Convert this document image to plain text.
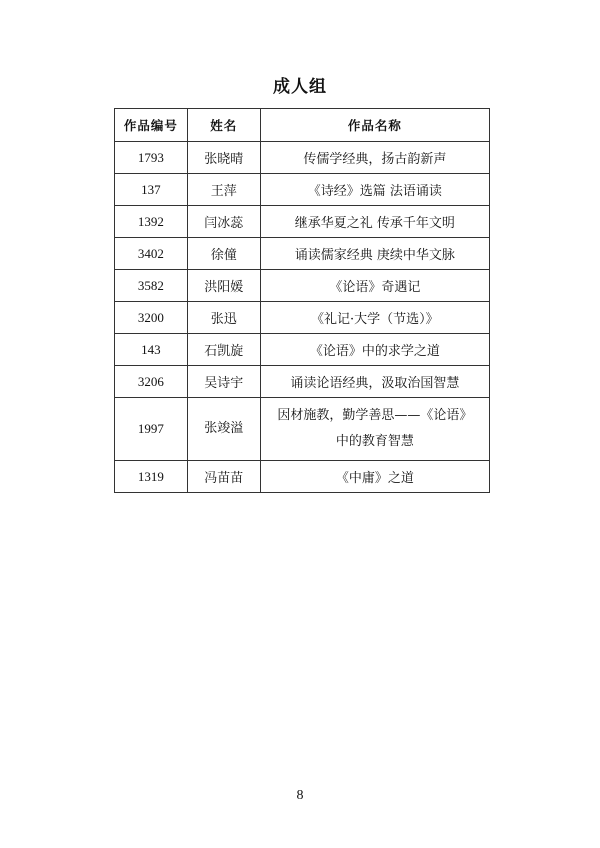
成人组
作品编号	姓名	作品名称
1793	张晓晴	传儒学经典，扬古韵新声
137	王萍	《诗经》选篇 法语诵读
1392	闫冰蕊	继承华夏之礼 传承千年文明
3402	徐僮	诵读儒家经典 庚续中华文脉
3582	洪阳媛	《论语》奇遇记
3200	张迅	《礼记·大学（节选）》
143	石凯旋	《论语》中的求学之道
3206	吴诗宇	诵读论语经典，汲取治国智慧
1997	张竣溢	因材施教，勤学善思——《论语》
中的教育智慧

1319	冯苗苗	《中庸》之道
8
